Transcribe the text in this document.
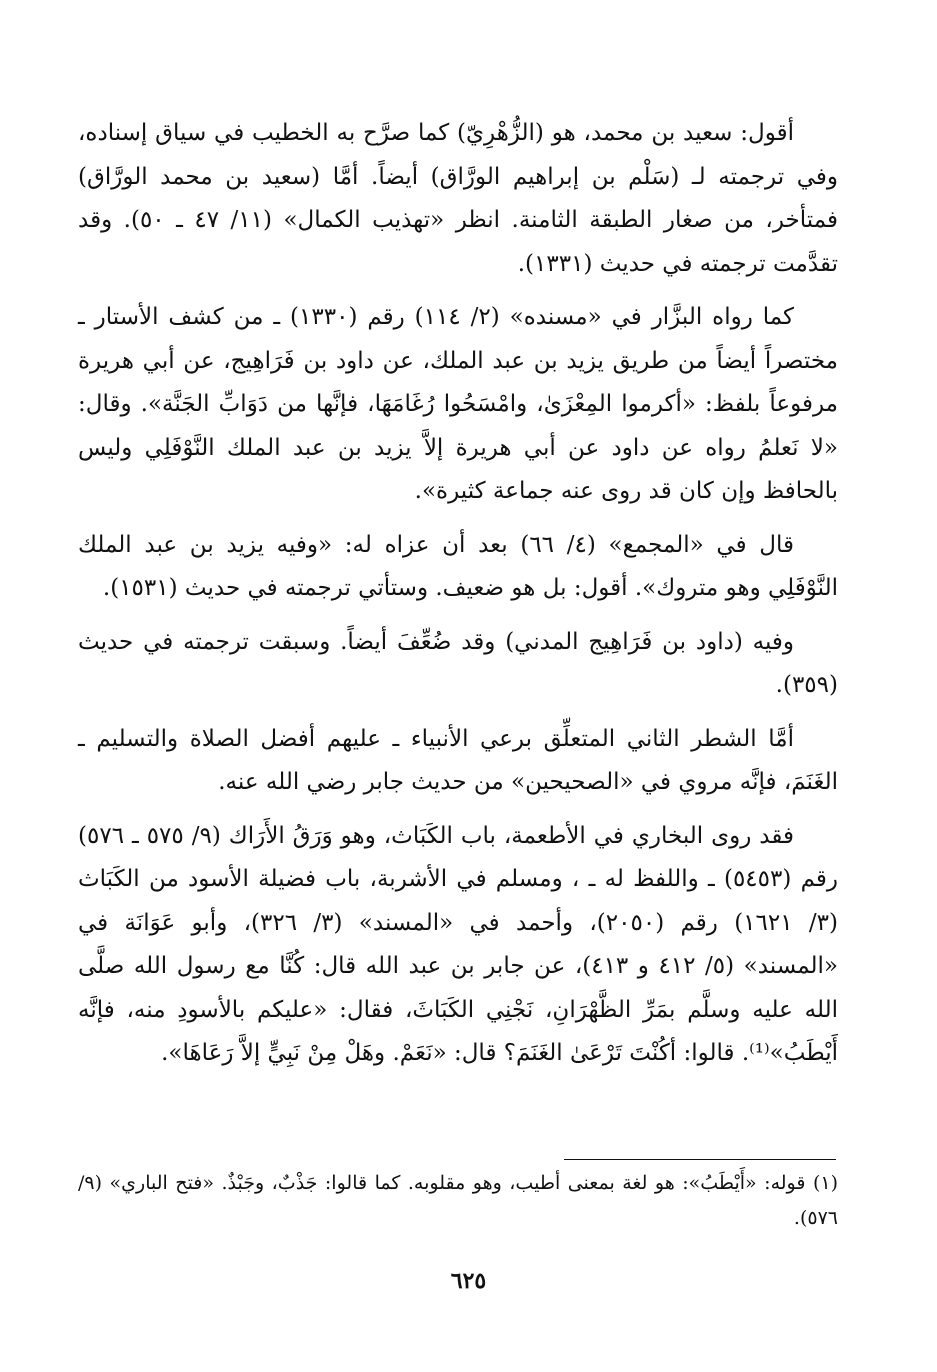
أقول: سعيد بن محمد، هو (الزُّهْرِيّ) كما صرَّح به الخطيب في سياق إسناده، وفي ترجمته لـ (سَلْم بن إبراهيم الورَّاق) أيضاً. أمَّا (سعيد بن محمد الورَّاق) فمتأخر، من صغار الطبقة الثامنة. انظر «تهذيب الكمال» (١١/ ٤٧ ـ ٥٠). وقد تقدَّمت ترجمته في حديث (١٣٣١).

كما رواه البزَّار في «مسنده» (٢/ ١١٤) رقم (١٣٣٠) ـ من كشف الأستار ـ مختصراً أيضاً من طريق يزيد بن عبد الملك، عن داود بن فَرَاهِيج، عن أبي هريرة مرفوعاً بلفظ: «أكرموا المِعْزَىٰ، وامْسَحُوا رُغَامَهَا، فإنَّها من دَوَابِّ الجَنَّة». وقال: «لا نَعلمُ رواه عن داود عن أبي هريرة إلاَّ يزيد بن عبد الملك النَّوْفَلِي وليس بالحافظ وإن كان قد روى عنه جماعة كثيرة».

قال في «المجمع» (٤/ ٦٦) بعد أن عزاه له: «وفيه يزيد بن عبد الملك النَّوْفَلِي وهو متروك». أقول: بل هو ضعيف. وستأتي ترجمته في حديث (١٥٣١).

وفيه (داود بن فَرَاهِيج المدني) وقد ضُعِّفَ أيضاً. وسبقت ترجمته في حديث (٣٥٩).

أمَّا الشطر الثاني المتعلِّق برعي الأنبياء ـ عليهم أفضل الصلاة والتسليم ـ الغَنَمَ، فإنَّه مروي في «الصحيحين» من حديث جابر رضي الله عنه.

فقد روى البخاري في الأطعمة، باب الكَبَاث، وهو وَرَقُ الأَرَاك (٩/ ٥٧٥ ـ ٥٧٦) رقم (٥٤٥٣) ـ واللفظ له ـ ، ومسلم في الأشربة، باب فضيلة الأسود من الكَبَاث (٣/ ١٦٢١) رقم (٢٠٥٠)، وأحمد في «المسند» (٣/ ٣٢٦)، وأبو عَوَانَة في «المسند» (٥/ ٤١٢ و ٤١٣)، عن جابر بن عبد الله قال: كُنَّا مع رسول الله صلَّى الله عليه وسلَّم بمَرِّ الظَّهْرَانِ، نَجْنِي الكَبَاثَ، فقال: «عليكم بالأسودِ منه، فإنَّه أَيْطَبُ»⁽¹⁾. قالوا: أكُنْتَ تَرْعَىٰ الغَنَمَ؟ قال: «نَعَمْ. وهَلْ مِنْ نَبِيٍّ إلاَّ رَعَاهَا».

(١) قوله: «أَيْطَبُ»: هو لغة بمعنى أطيب، وهو مقلوبه. كما قالوا: جَذْبٌ، وجَبْذٌ. «فتح الباري» (٩/ ٥٧٦).

٦٢٥
